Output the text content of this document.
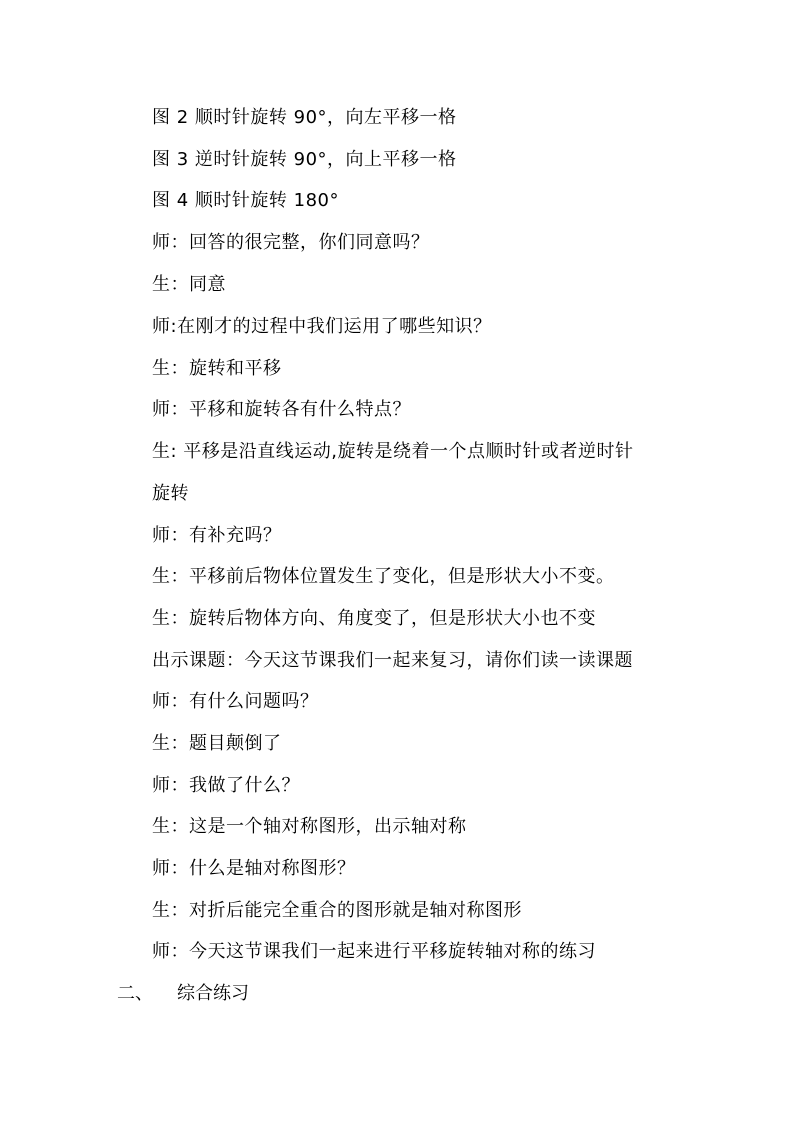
图 2 顺时针旋转 90°，向左平移一格
图 3 逆时针旋转 90°，向上平移一格
图 4 顺时针旋转 180°
师：回答的很完整，你们同意吗？
生：同意
师:在刚才的过程中我们运用了哪些知识？
生：旋转和平移
师：平移和旋转各有什么特点？
生: 平移是沿直线运动,旋转是绕着一个点顺时针或者逆时针
旋转
师：有补充吗？
生：平移前后物体位置发生了变化，但是形状大小不变。
生：旋转后物体方向、角度变了，但是形状大小也不变
出示课题：今天这节课我们一起来复习，请你们读一读课题
师：有什么问题吗？
生：题目颠倒了
师：我做了什么？
生：这是一个轴对称图形，出示轴对称
师：什么是轴对称图形？
生：对折后能完全重合的图形就是轴对称图形
师：今天这节课我们一起来进行平移旋转轴对称的练习
二、 综合练习
